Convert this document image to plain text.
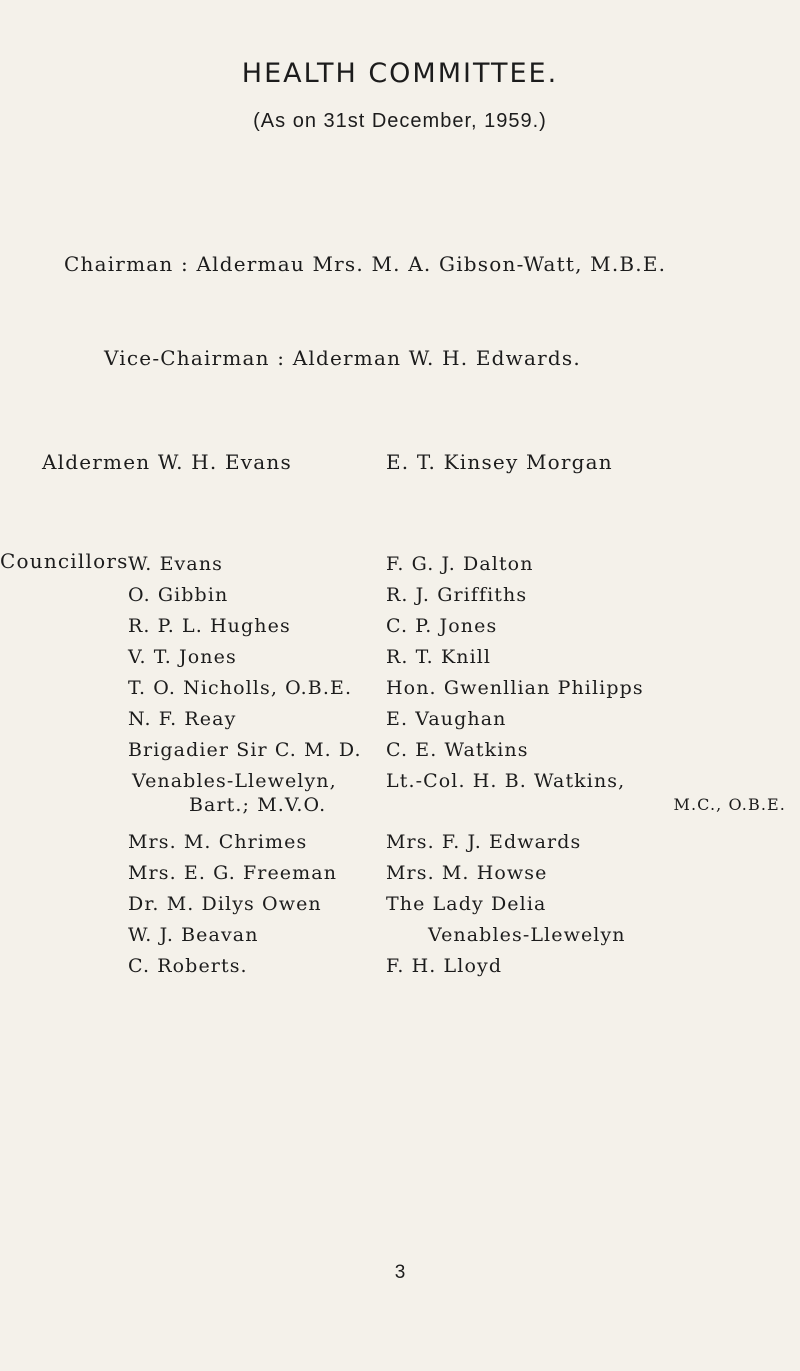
HEALTH COMMITTEE.
(As on 31st December, 1959.)
Chairman : Aldermau Mrs. M. A. Gibson-Watt, M.B.E.
Vice-Chairman : Alderman W. H. Edwards.
Aldermen W. H. Evans	E. T. Kinsey Morgan
Councillors W. Evans
O. Gibbin
R. P. L. Hughes
V. T. Jones
T. O. Nicholls, O.B.E.
N. F. Reay
Brigadier Sir C. M. D.
Venables-Llewelyn,
Bart.; M.V.O.
Mrs. M. Chrimes
Mrs. E. G. Freeman
Dr. M. Dilys Owen
W. J. Beavan
C. Roberts.
F. G. J. Dalton
R. J. Griffiths
C. P. Jones
R. T. Knill
Hon. Gwenllian Philipps
E. Vaughan
C. E. Watkins
Lt.-Col. H. B. Watkins,
M.C., O.B.E.
Mrs. F. J. Edwards
Mrs. M. Howse
The Lady Delia
Venables-Llewelyn
F. H. Lloyd
3
